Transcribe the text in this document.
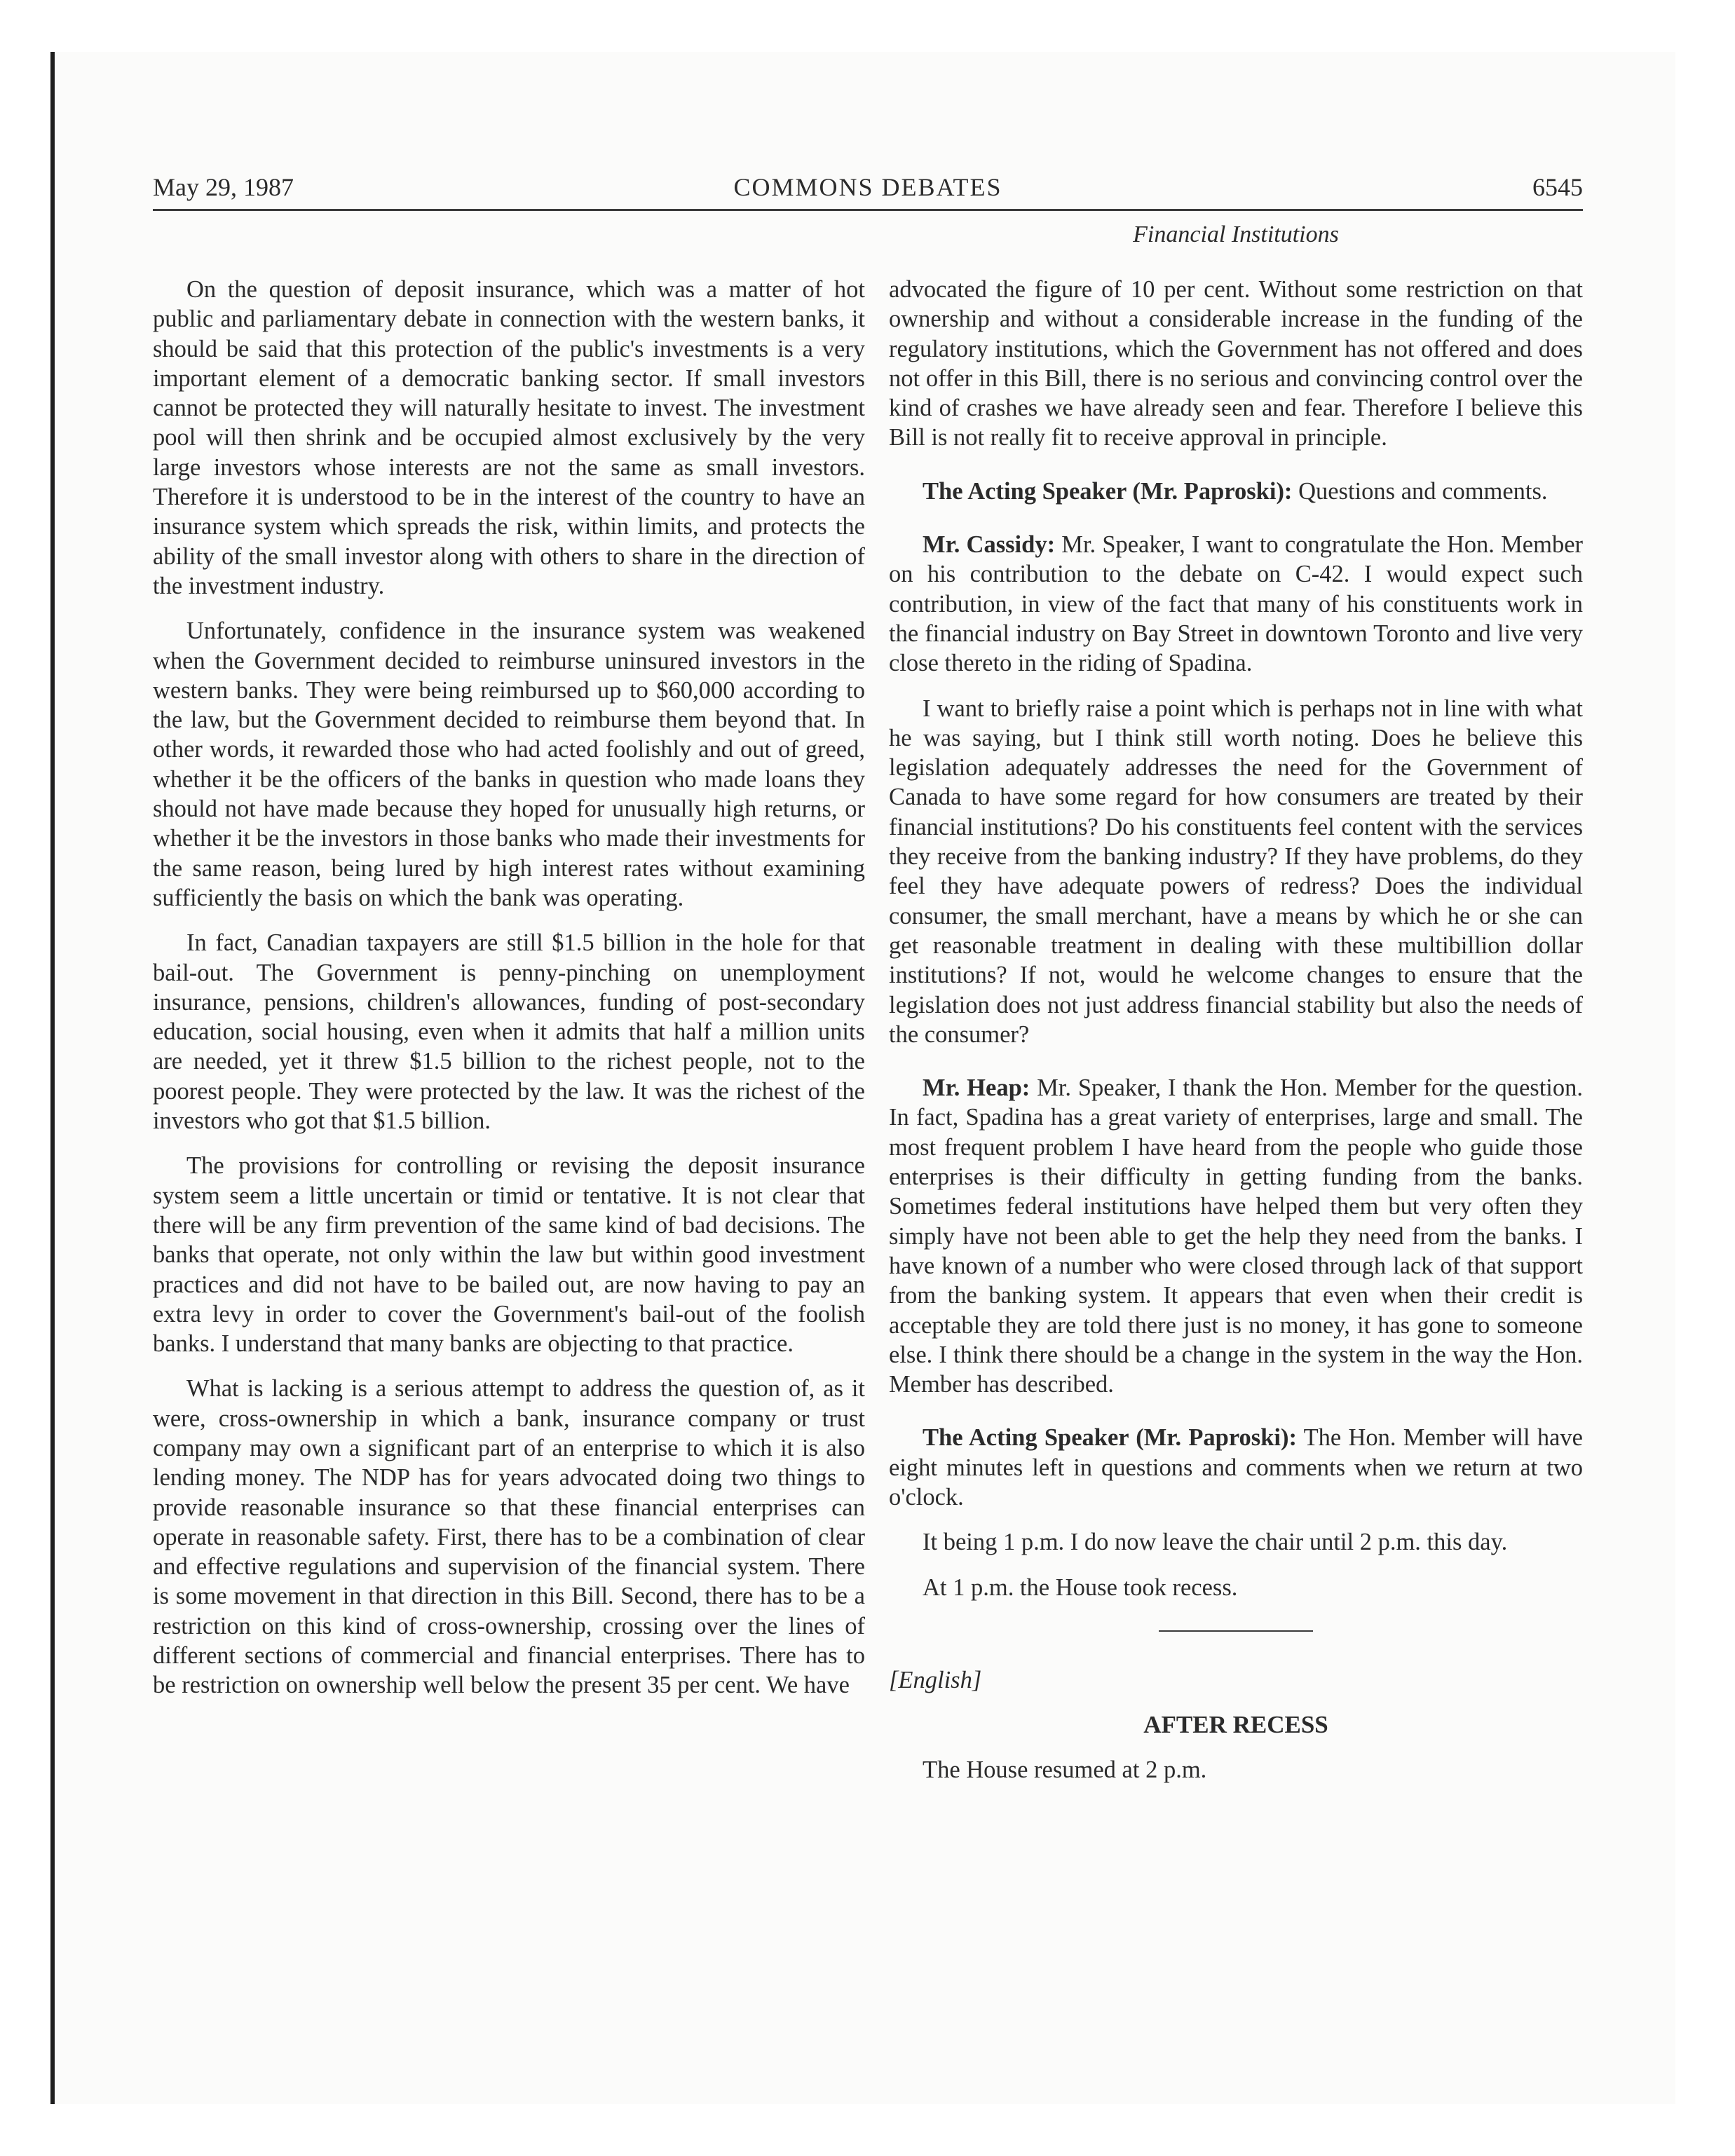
May 29, 1987	COMMONS DEBATES	6545
Financial Institutions

On the question of deposit insurance, which was a matter of hot public and parliamentary debate in connection with the western banks, it should be said that this protection of the public's investments is a very important element of a democratic banking sector. If small investors cannot be protected they will naturally hesitate to invest. The investment pool will then shrink and be occupied almost exclusively by the very large investors whose interests are not the same as small investors. Therefore it is understood to be in the interest of the country to have an insurance system which spreads the risk, within limits, and protects the ability of the small investor along with others to share in the direction of the investment industry.

Unfortunately, confidence in the insurance system was weakened when the Government decided to reimburse uninsured investors in the western banks. They were being reimbursed up to $60,000 according to the law, but the Government decided to reimburse them beyond that. In other words, it rewarded those who had acted foolishly and out of greed, whether it be the officers of the banks in question who made loans they should not have made because they hoped for unusually high returns, or whether it be the investors in those banks who made their investments for the same reason, being lured by high interest rates without examining sufficiently the basis on which the bank was operating.

In fact, Canadian taxpayers are still $1.5 billion in the hole for that bail-out. The Government is penny-pinching on unemployment insurance, pensions, children's allowances, funding of post-secondary education, social housing, even when it admits that half a million units are needed, yet it threw $1.5 billion to the richest people, not to the poorest people. They were protected by the law. It was the richest of the investors who got that $1.5 billion.

The provisions for controlling or revising the deposit insurance system seem a little uncertain or timid or tentative. It is not clear that there will be any firm prevention of the same kind of bad decisions. The banks that operate, not only within the law but within good investment practices and did not have to be bailed out, are now having to pay an extra levy in order to cover the Government's bail-out of the foolish banks. I understand that many banks are objecting to that practice.

What is lacking is a serious attempt to address the question of, as it were, cross-ownership in which a bank, insurance company or trust company may own a significant part of an enterprise to which it is also lending money. The NDP has for years advocated doing two things to provide reasonable insurance so that these financial enterprises can operate in reasonable safety. First, there has to be a combination of clear and effective regulations and supervision of the financial system. There is some movement in that direction in this Bill. Second, there has to be a restriction on this kind of cross-ownership, crossing over the lines of different sections of commercial and financial enterprises. There has to be restriction on ownership well below the present 35 per cent. We have

advocated the figure of 10 per cent. Without some restriction on that ownership and without a considerable increase in the funding of the regulatory institutions, which the Government has not offered and does not offer in this Bill, there is no serious and convincing control over the kind of crashes we have already seen and fear. Therefore I believe this Bill is not really fit to receive approval in principle.

The Acting Speaker (Mr. Paproski): Questions and comments.

Mr. Cassidy: Mr. Speaker, I want to congratulate the Hon. Member on his contribution to the debate on C-42. I would expect such contribution, in view of the fact that many of his constituents work in the financial industry on Bay Street in downtown Toronto and live very close thereto in the riding of Spadina.

I want to briefly raise a point which is perhaps not in line with what he was saying, but I think still worth noting. Does he believe this legislation adequately addresses the need for the Government of Canada to have some regard for how consumers are treated by their financial institutions? Do his constituents feel content with the services they receive from the banking industry? If they have problems, do they feel they have adequate powers of redress? Does the individual consumer, the small merchant, have a means by which he or she can get reasonable treatment in dealing with these multibillion dollar institutions? If not, would he welcome changes to ensure that the legislation does not just address financial stability but also the needs of the consumer?

Mr. Heap: Mr. Speaker, I thank the Hon. Member for the question. In fact, Spadina has a great variety of enterprises, large and small. The most frequent problem I have heard from the people who guide those enterprises is their difficulty in getting funding from the banks. Sometimes federal institutions have helped them but very often they simply have not been able to get the help they need from the banks. I have known of a number who were closed through lack of that support from the banking system. It appears that even when their credit is acceptable they are told there just is no money, it has gone to someone else. I think there should be a change in the system in the way the Hon. Member has described.

The Acting Speaker (Mr. Paproski): The Hon. Member will have eight minutes left in questions and comments when we return at two o'clock.

It being 1 p.m. I do now leave the chair until 2 p.m. this day.

At 1 p.m. the House took recess.

[English]

AFTER RECESS

The House resumed at 2 p.m.
